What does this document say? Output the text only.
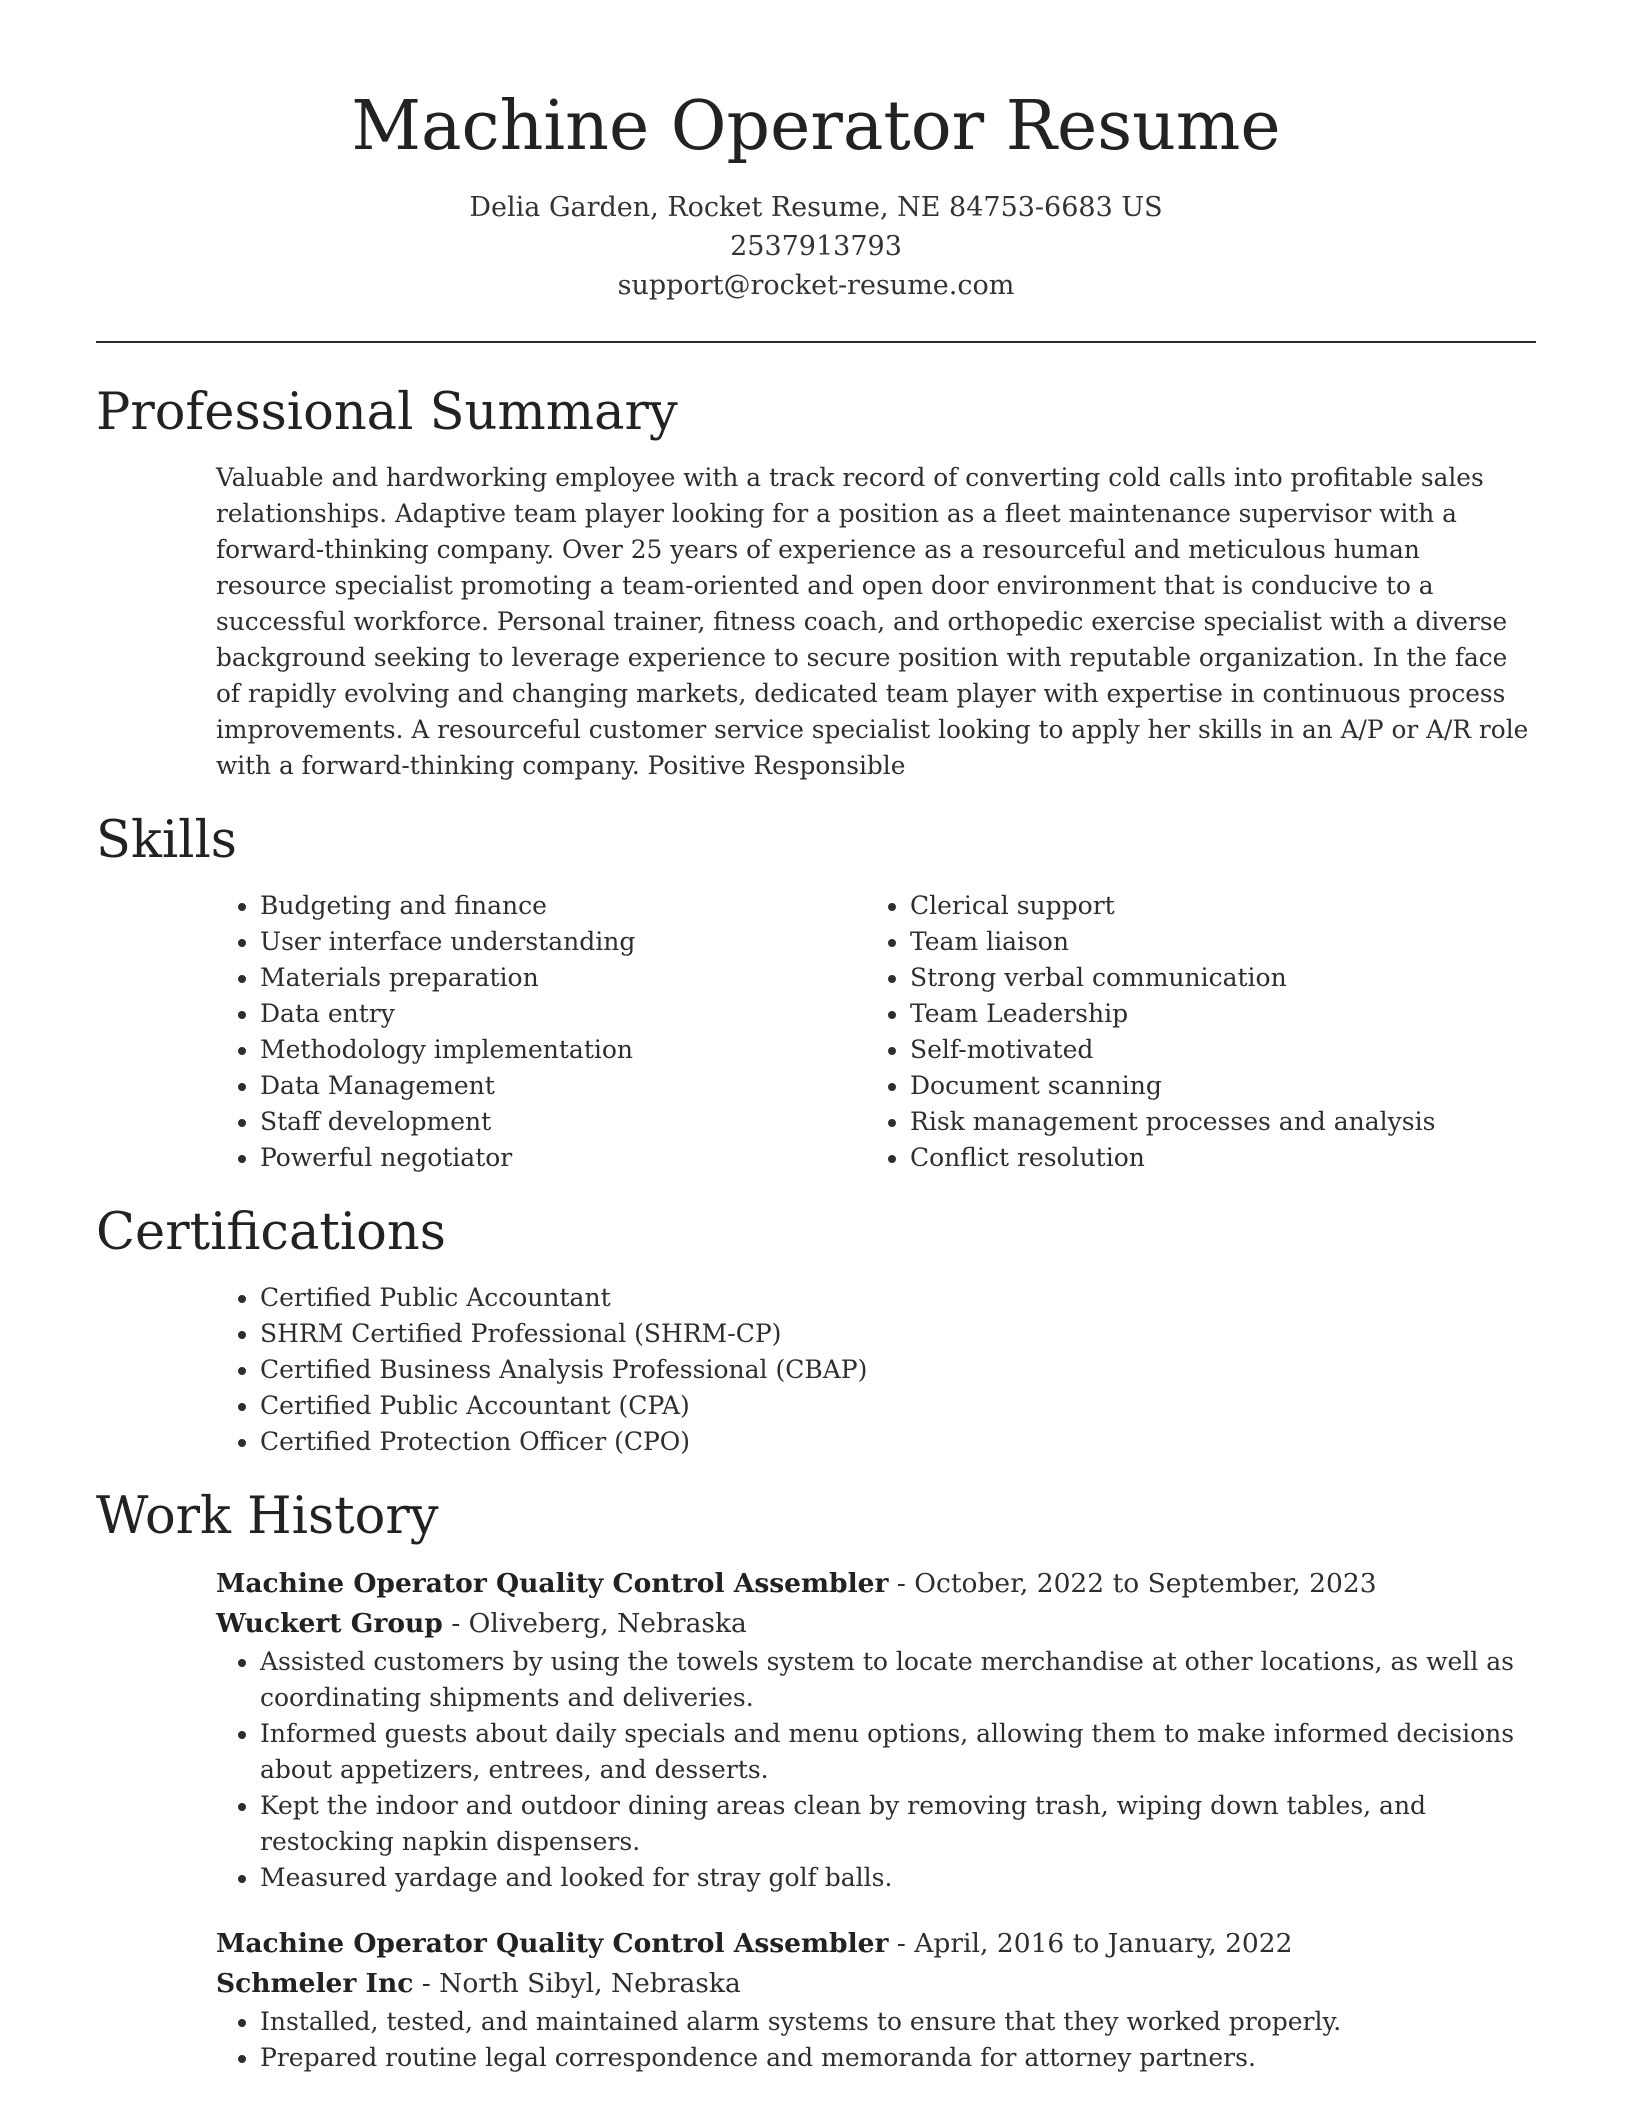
Machine Operator Resume
Delia Garden, Rocket Resume, NE 84753-6683 US
2537913793
support@rocket-resume.com
Professional Summary

Valuable and hardworking employee with a track record of converting cold calls into profitable sales relationships. Adaptive team player looking for a position as a fleet maintenance supervisor with a forward-thinking company. Over 25 years of experience as a resourceful and meticulous human resource specialist promoting a team-oriented and open door environment that is conducive to a successful workforce. Personal trainer, fitness coach, and orthopedic exercise specialist with a diverse background seeking to leverage experience to secure position with reputable organization. In the face of rapidly evolving and changing markets, dedicated team player with expertise in continuous process improvements. A resourceful customer service specialist looking to apply her skills in an A/P or A/R role with a forward-thinking company. Positive Responsible

Skills
• Budgeting and finance
• User interface understanding
• Materials preparation
• Data entry
• Methodology implementation
• Data Management
• Staff development
• Powerful negotiator
• Clerical support
• Team liaison
• Strong verbal communication
• Team Leadership
• Self-motivated
• Document scanning
• Risk management processes and analysis
• Conflict resolution
Certifications
• Certified Public Accountant
• SHRM Certified Professional (SHRM-CP)
• Certified Business Analysis Professional (CBAP)
• Certified Public Accountant (CPA)
• Certified Protection Officer (CPO)
Work History

Machine Operator Quality Control Assembler - October, 2022 to September, 2023

Wuckert Group - Oliveberg, Nebraska

• Assisted customers by using the towels system to locate merchandise at other locations, as well as coordinating shipments and deliveries.
• Informed guests about daily specials and menu options, allowing them to make informed decisions about appetizers, entrees, and desserts.
• Kept the indoor and outdoor dining areas clean by removing trash, wiping down tables, and restocking napkin dispensers.
• Measured yardage and looked for stray golf balls.

Machine Operator Quality Control Assembler - April, 2016 to January, 2022

Schmeler Inc - North Sibyl, Nebraska

• Installed, tested, and maintained alarm systems to ensure that they worked properly.
• Prepared routine legal correspondence and memoranda for attorney partners.
